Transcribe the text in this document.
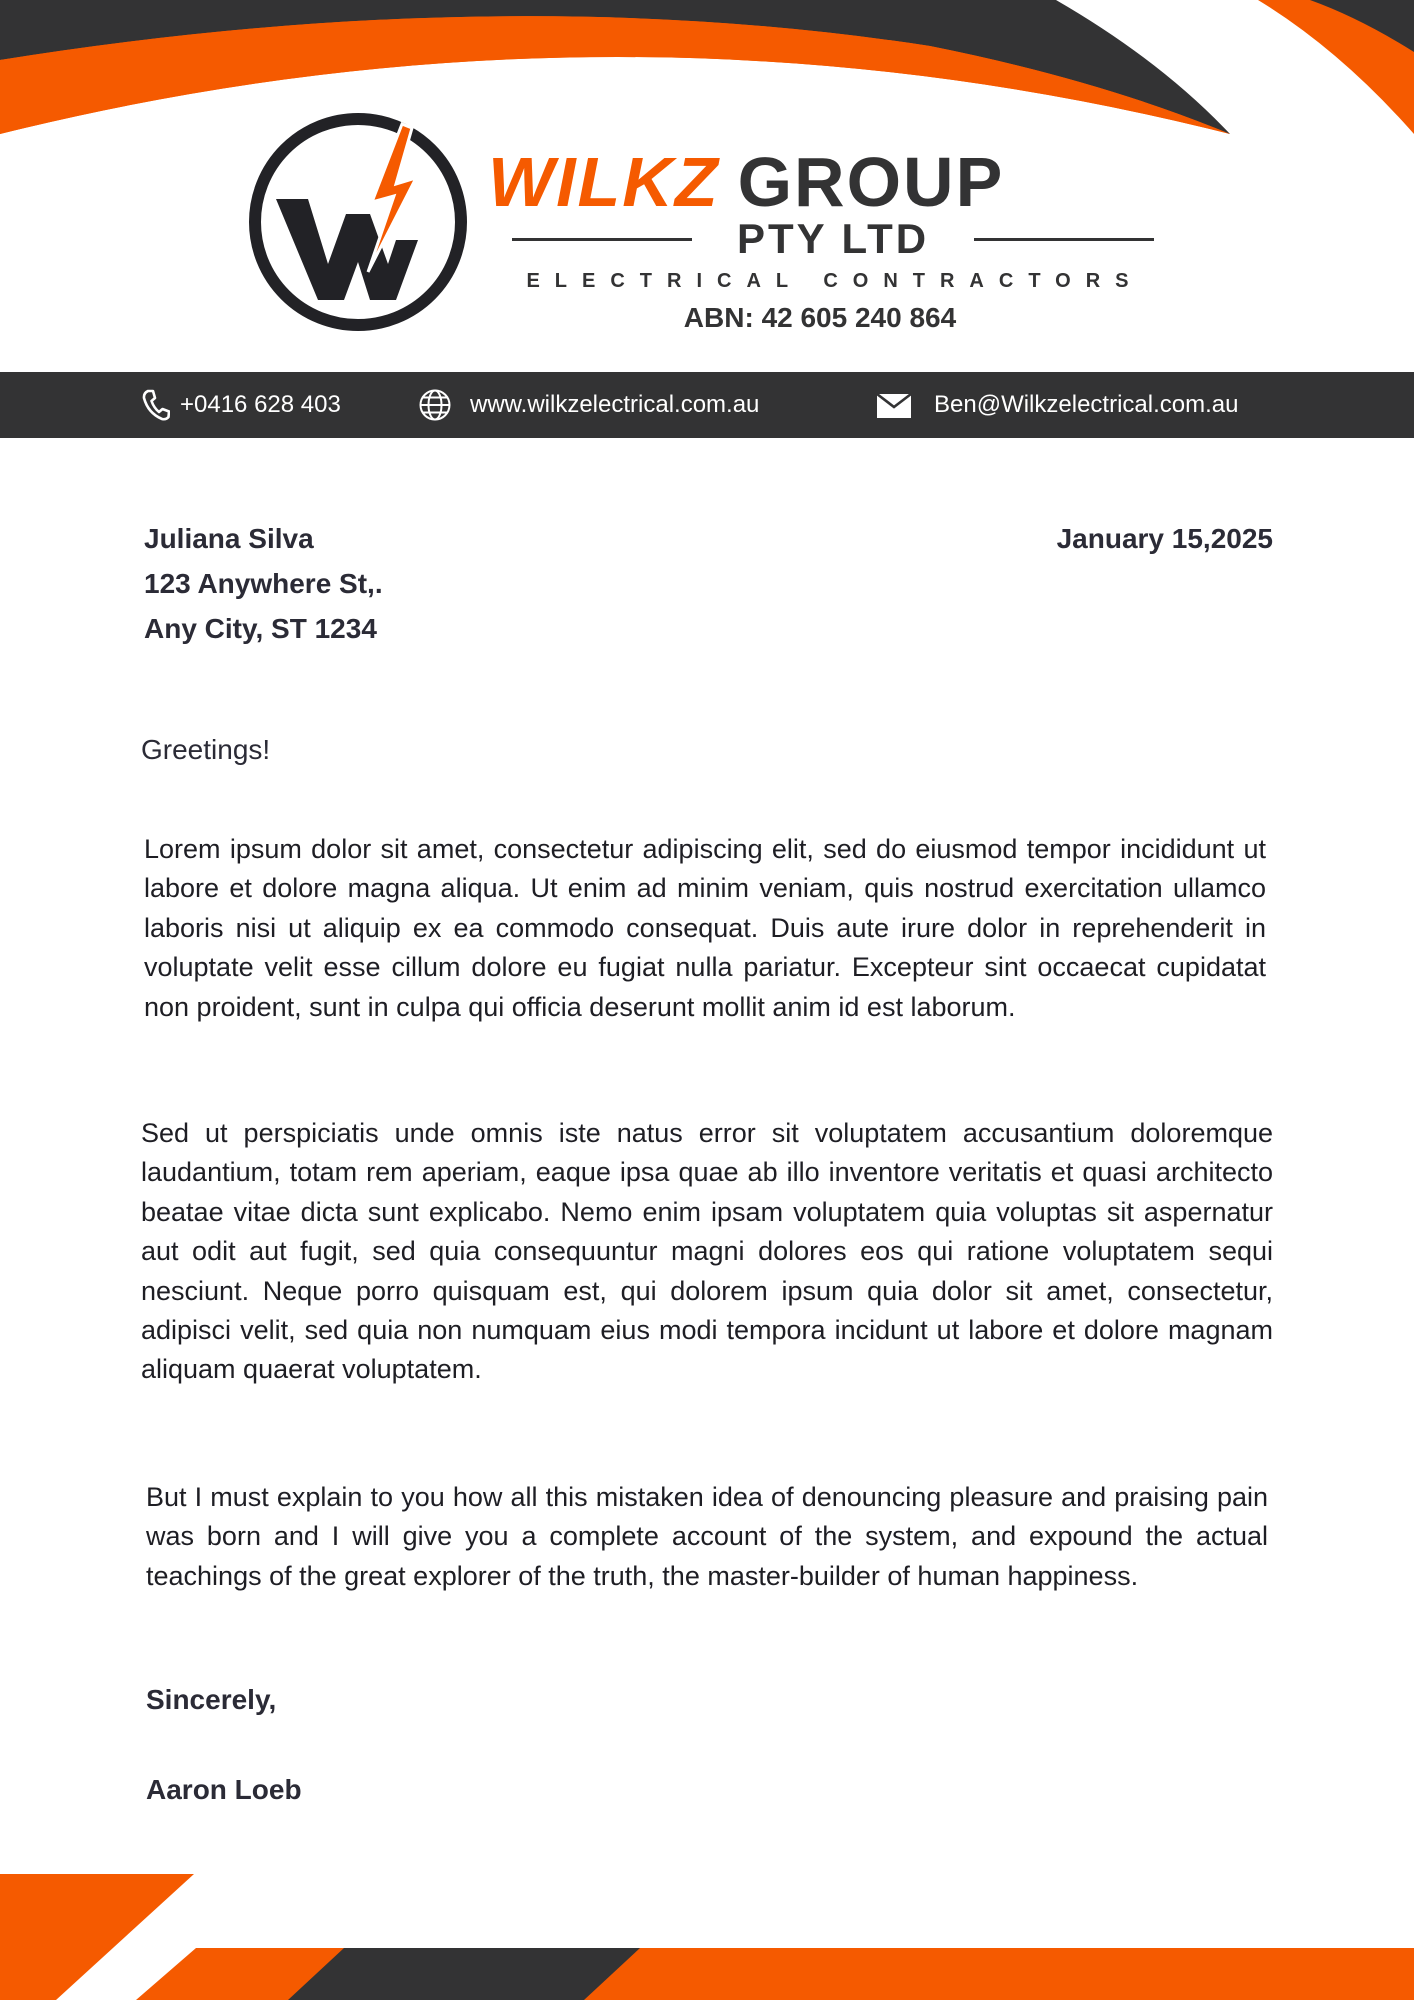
WILKZ GROUP
PTY LTD
ELECTRICAL CONTRACTORS
ABN: 42 605 240 864
+0416 628 403	www.wilkzelectrical.com.au	Ben@Wilkzelectrical.com.au
Juliana Silva
123 Anywhere St,.
Any City, ST 1234
January 15,2025
Greetings!

Lorem ipsum dolor sit amet, consectetur adipiscing elit, sed do eiusmod tempor incididunt ut labore et dolore magna aliqua. Ut enim ad minim veniam, quis nostrud exercitation ullamco laboris nisi ut aliquip ex ea commodo consequat. Duis aute irure dolor in reprehenderit in voluptate velit esse cillum dolore eu fugiat nulla pariatur. Excepteur sint occaecat cupidatat non proident, sunt in culpa qui officia deserunt mollit anim id est laborum.

Sed ut perspiciatis unde omnis iste natus error sit voluptatem accusantium doloremque laudantium, totam rem aperiam, eaque ipsa quae ab illo inventore veritatis et quasi architecto beatae vitae dicta sunt explicabo. Nemo enim ipsam voluptatem quia voluptas sit aspernatur aut odit aut fugit, sed quia consequuntur magni dolores eos qui ratione voluptatem sequi nesciunt. Neque porro quisquam est, qui dolorem ipsum quia dolor sit amet, consectetur, adipisci velit, sed quia non numquam eius modi tempora incidunt ut labore et dolore magnam aliquam quaerat voluptatem.

But I must explain to you how all this mistaken idea of denouncing pleasure and praising pain was born and I will give you a complete account of the system, and expound the actual teachings of the great explorer of the truth, the master-builder of human happiness.

Sincerely,
Aaron Loeb
